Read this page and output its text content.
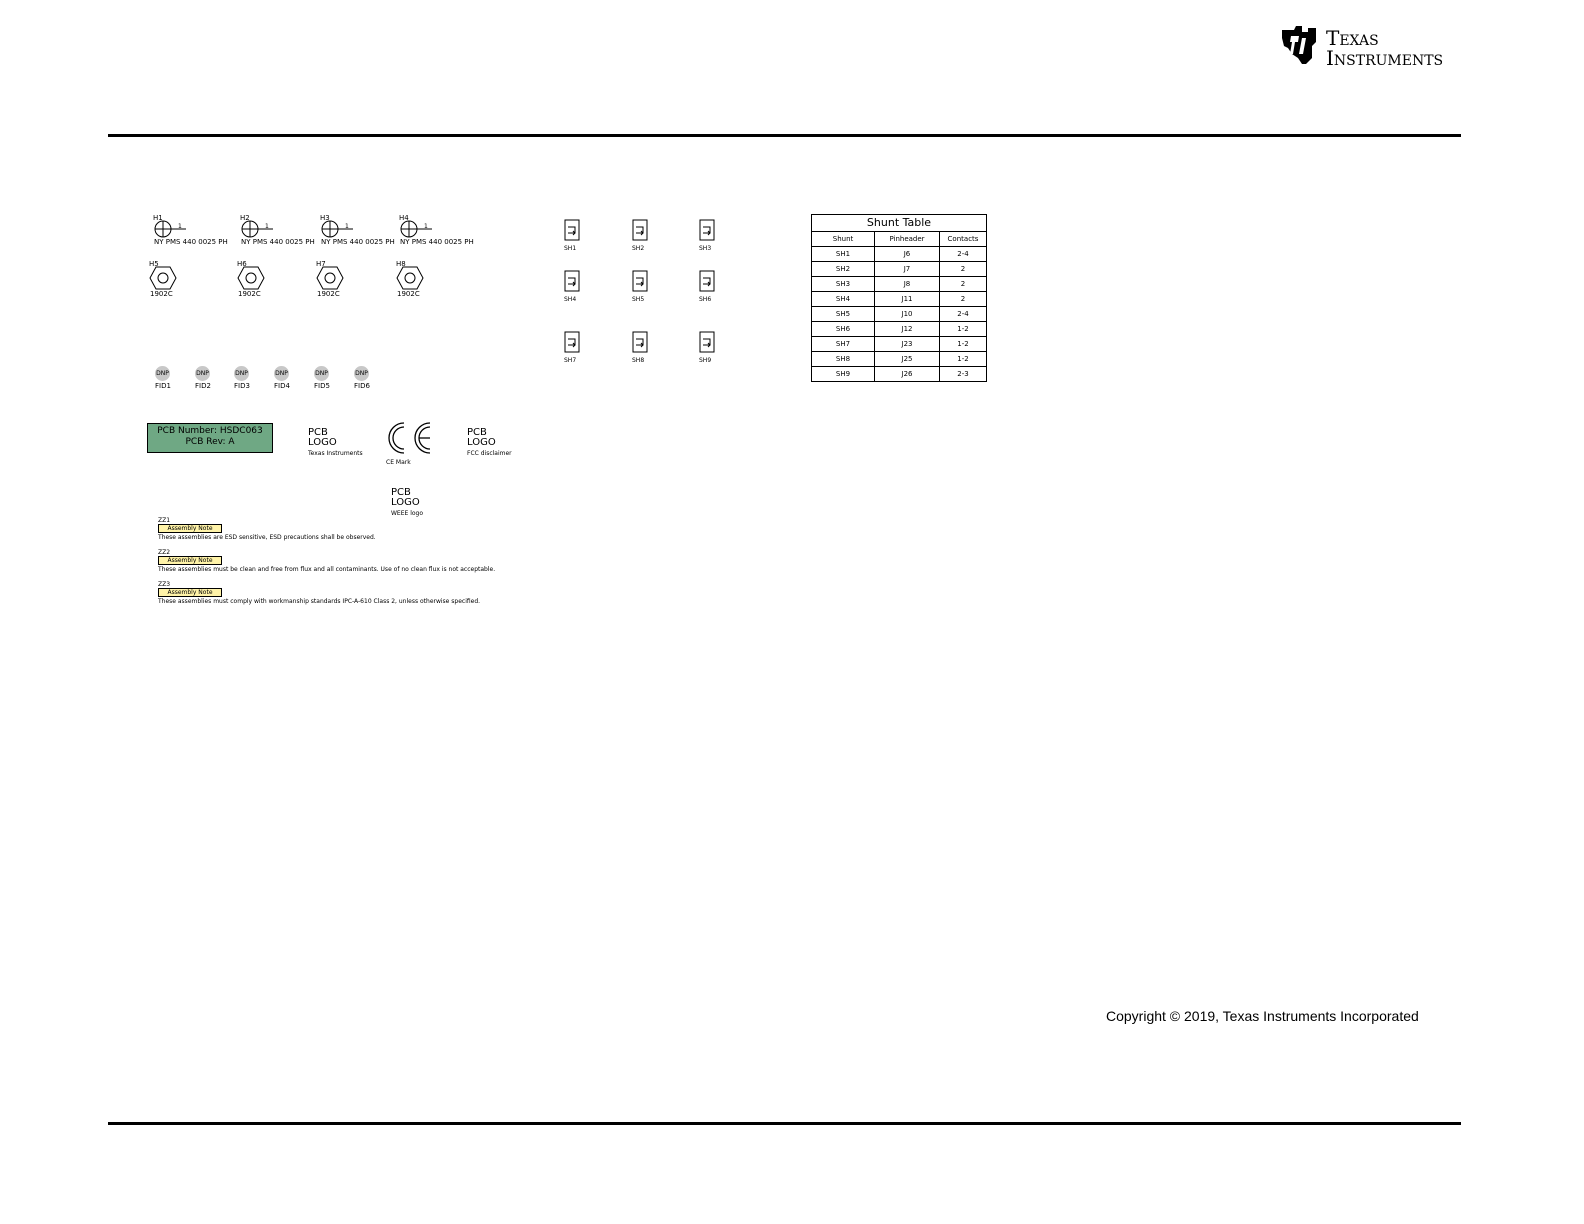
Texas
Instruments
H1
1
NY PMS 440 0025 PH
H2
1
NY PMS 440 0025 PH
H3
1
NY PMS 440 0025 PH
H4
1
NY PMS 440 0025 PH
H5
1902C
H6
1902C
H7
1902C
H8
1902C
DNP
FID1
DNP
FID2
DNP
FID3
DNP
FID4
DNP
FID5
DNP
FID6
SH1	SH2	SH3
SH4	SH5	SH6
SH7	SH8	SH9
Shunt Table
Shunt	Pinheader	Contacts
SH1	J6	2-4
SH2	J7	2
SH3	J8	2
SH4	J11	2
SH5	J10	2-4
SH6	J12	1-2
SH7	J23	1-2
SH8	J25	1-2
SH9	J26	2-3
PCB Number: HSDC063
PCB Rev: A
PCB
LOGO
Texas Instruments
CE Mark
PCB
LOGO
FCC disclaimer
PCB
LOGO
WEEE logo
ZZ1
Assembly Note
These assemblies are ESD sensitive, ESD precautions shall be observed.
ZZ2
Assembly Note
These assemblies must be clean and free from flux and all contaminants. Use of no clean flux is not acceptable.
ZZ3
Assembly Note
These assemblies must comply with workmanship standards IPC-A-610 Class 2, unless otherwise specified.
Copyright © 2019, Texas Instruments Incorporated
